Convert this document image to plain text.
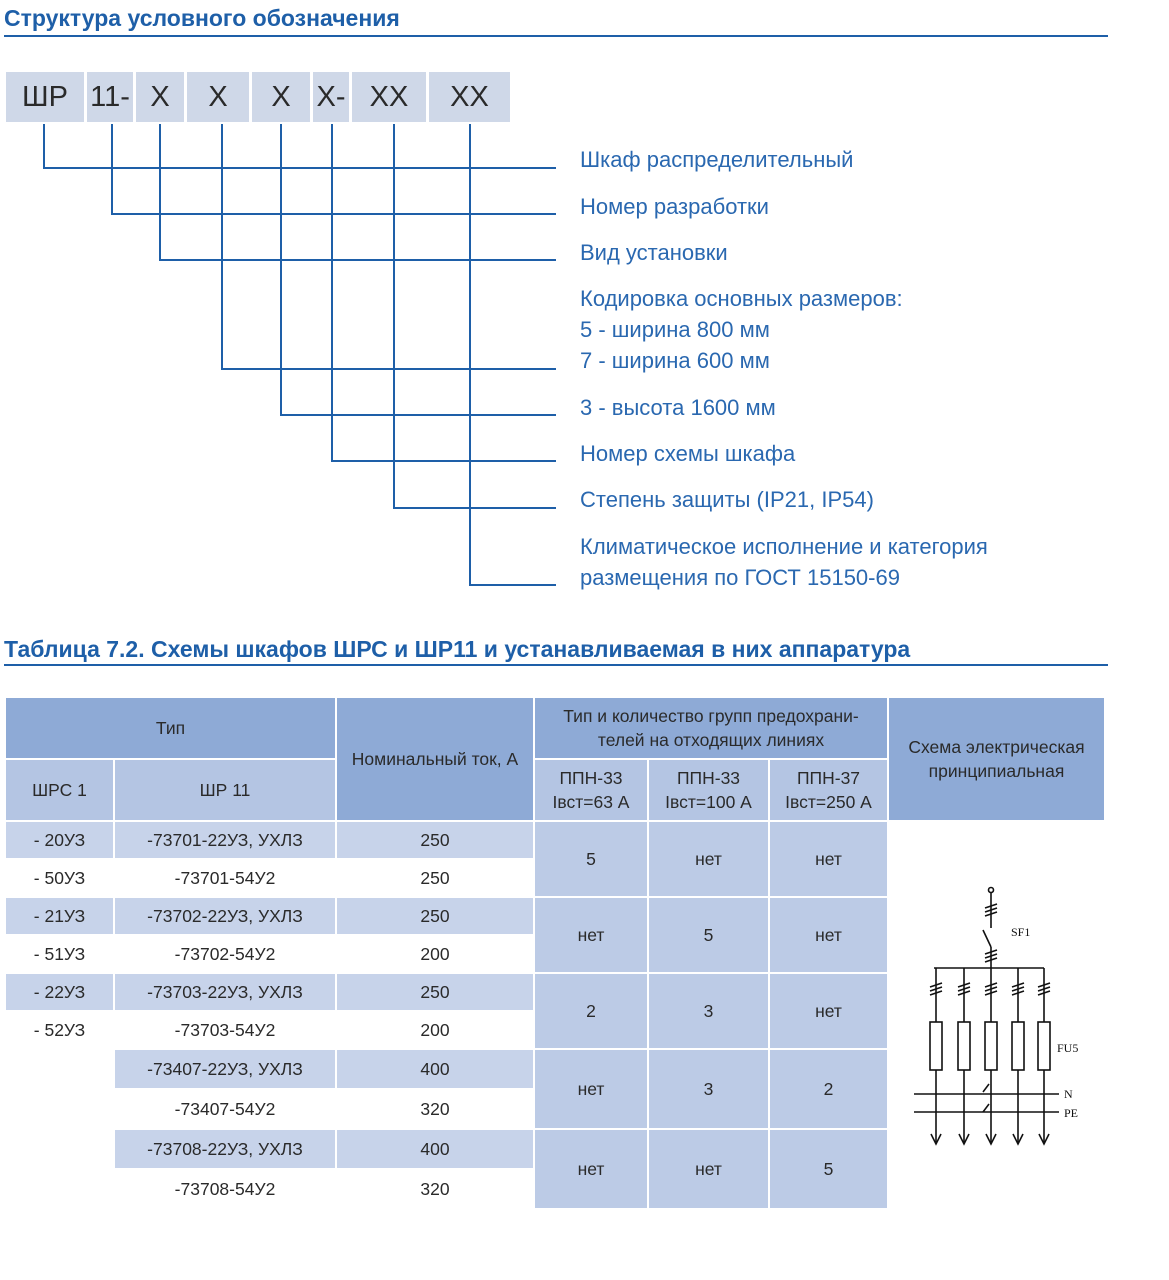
Структура условного обозначения
ШР 11- Х	Х	Х Х- ХХ	ХХ
Шкаф распределительный
Номер разработки
Вид установки
Кодировка основных размеров:
5 - ширина 800 мм
7 - ширина 600 мм
3 - высота 1600 мм
Номер схемы шкафа
Степень защиты (IP21, IP54)
Климатическое исполнение и категория
размещения по ГОСТ 15150-69
Таблица 7.2. Схемы шкафов ШРС и ШР11 и устанавливаемая в них аппаратура
Тип		Номинальный ток, А	Тип и количество групп предохрани-телей на отходящих линиях			Схема электрическая принципиальная
ШРС 1	ШР 11		ППН-33 Iвст=63 А	ППН-33 Iвст=100 А	ППН-37 Iвст=250 А	
- 20УЗ	-73701-22УЗ, УХЛЗ	250	5	нет	нет	SF1
FU5
N
PE

- 50УЗ	-73701-54У2	250				
- 21УЗ	-73702-22УЗ, УХЛЗ	250	нет	5	нет	
- 51УЗ	-73702-54У2	200				
- 22УЗ	-73703-22УЗ, УХЛЗ	250	2	3	нет	
- 52УЗ	-73703-54У2	200				
	-73407-22УЗ, УХЛЗ	400	нет	3	2	
	-73407-54У2	320				
	-73708-22УЗ, УХЛЗ	400	нет	нет	5	
	-73708-54У2	320				
